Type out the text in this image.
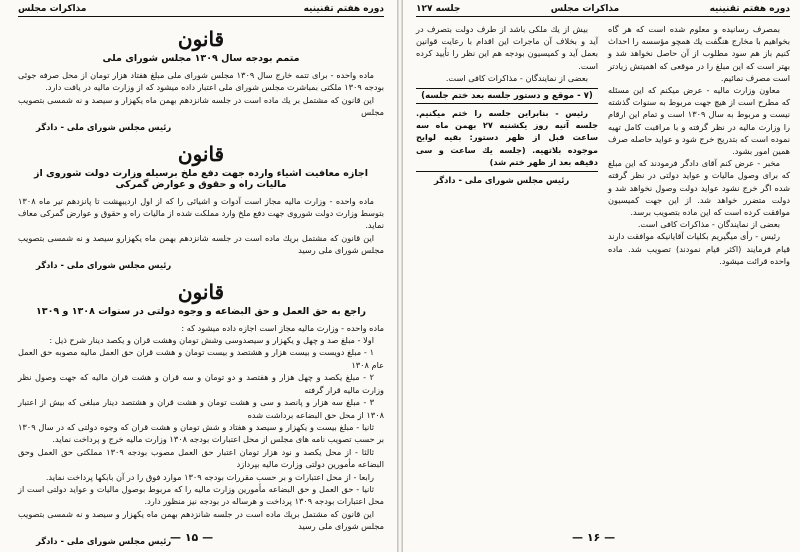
دوره هفتم تقنينيه
مذاكرات مجلس
قانون
متمم بودجه سال ۱۳۰۹ مجلس شوراى ملى

ماده واحده - براى تتمه خارج سال ۱۳۰۹ مجلس شوراى ملى مبلغ هفتاد هزار تومان از محل صرفه جوئى بودجه ۱۳۰۹ ملكتى بمباشرت مجلس شوراى ملى اعتبار داده ميشود كه از وزارت ماليه در يافت دارد.

اين قانون كه مشتمل بر يك ماده است در جلسه شانزدهم بهمن ماه يكهزار و سيصد و نه شمسى بتصويب مجلس

رئيس مجلس شوراى ملى - دادگر

قانون
اجازه معافيت اشياء وارده جهت دفع ملخ برسيله وزارت دولت شوروى از ماليات راه و حقوق و عوارض گمركى

ماده واحده - وزارت ماليه مجاز است آدوات و اشيائى را كه از اول اردیبهشت تا پانزدهم تير ماه ۱۳۰۸ بتوسط وزارت دولت شوروى جهت دفع ملخ وارد مملكت شده از ماليات راه و حقوق و عوارض گمركى معاف نمايد.

اين قانون كه مشتمل بريك ماده است در جلسه شانزدهم بهمن ماه يكهزارو سيصد و نه شمسى بتصويب مجلس شوراى ملى رسيد

رئيس مجلس شوراى ملى - دادگر

قانون
راجع به حق العمل و حق البضاعه و وجوه دولتى در سنوات ۱۳۰۸ و ۱۳۰۹

ماده واحده - وزارت ماليه مجاز است اجازه داده ميشود كه :

اولا - مبلغ صد و چهل و يكهزار و سيصدوسى وشش تومان وهشت قران و يكصد دينار شرح ذيل :

١ - مبلغ دويست و بيست هزار و هشتصد و بيست تومان و هشت قران حق العمل ماليه مصوبه حق العمل عام ۱۳۰۸

٢ - مبلغ يكصد و چهل هزار و هفتصد و دو تومان و سه قران و هشت قران ماليه كه جهت وصول نظر وزارت ماليه قرار گرفته

٣ - مبلغ سه هزار و پانصد و سى و هشت تومان و هشت قران و هشتصد دينار مبلغى كه بيش از اعتبار ۱۳۰۸ از محل حق البضاعه برداشت شده

ثانيا - مبلغ بيست و يكهزار و سيصد و هفتاد و شش تومان و هشت قران كه وجوه دولتى كه در سال ۱۳۰۹ بر حسب تصويب نامه هاى مجلس از محل اعتبارات بودجه ۱۳۰۸ وزارت ماليه خرج و پرداخت نمايد.

ثالثا - از محل يكصد و نود هزار تومان اعتبار حق العمل مصوب بودجه ۱۳۰۹ مملكتى حق العمل وحق البضاعه مأمورين دولتى وزارت ماليه بپردازد

رابعا - از محل اعتبارات و بر حسب مقررات بودجه ۱۳۰۹ موارد فوق را در آن بابكها پرداخت نمايد.

ثانيا - حق العمل و حق البضاعه مأمورين وزارت ماليه را كه مربوط بوصول ماليات و عوايد دولتى است از محل اعتبارات بودجه ۱۳۰۹ پرداخت و هرساله در بودجه نيز منظور دارد.

اين قانون كه مشتمل بريك ماده است در جلسه شانزدهم بهمن ماه يكهزار و سيصد و نه شمسى بتصويب مجلس شوراى ملى رسيد

رئيس مجلس شوراى ملى - دادگر

— ۱۵ —
دوره هفتم تقنينيه
مذاكرات مجلس
جلسه ۱۲۷

بمصرف رسانيده و معلوم شده است كه هر گاه بخواهيم با مخارج هنگفت يك همچو مؤسسه را احداث كنيم باز هم سود مطلوب از آن حاصل نخواهد شد و بهتر است كه اين مبلغ را در موقعى كه اهميتش زيادتر است مصرف نمائيم.

معاون وزارت ماليه - عرض ميكنم كه اين مسئله كه مطرح است از هيچ جهت مربوط به سنوات گذشته نيست و مربوط به سال ۱۳۰۹ است و تمام اين ارقام را وزارت ماليه در نظر گرفته و با مراقبت كامل تهيه نموده است كه بتدريج خرج شود و عوايد حاصله صرف همين امور بشود.

مخبر - عرض كنم آقاى دادگر فرمودند كه اين مبلغ كه براى وصول ماليات و عوايد دولتى در نظر گرفته شده اگر خرج نشود عوايد دولت وصول نخواهد شد و دولت متضرر خواهد شد. از اين جهت كميسيون موافقت كرده است كه اين ماده بتصويب برسد.

بعضى از نمايندگان - مذاكرات كافى است.

رئيس - رأى ميگيريم بكليات آقايانيكه موافقت دارند قيام فرمايند (اكثر قيام نمودند) تصويب شد. ماده واحده قرائت ميشود.

بيش از يك ملكى باشد از طرف دولت بتصرف در آيد و بخلاف آن ماجرات اين اقدام با رعايت قوانين بعمل آيد و كميسيون بودجه هم اين نظر را تأييد كرده است.

بعضى از نمايندگان - مذاكرات كافى است.

(٧ - موقع و دستور جلسه بعد ختم جلسه)

رئيس - بنابراين جلسه را ختم ميكنيم. جلسه آتيه روز يكشنبه ۲۷ بهمن ماه سه ساعت قبل از ظهر دستور: بقيه لوايح موجوده بلاتهيه. (جلسه يك ساعت و سى دقيقه بعد از ظهر ختم شد)

رئيس مجلس شوراى ملى - دادگر

— ۱۶ —
